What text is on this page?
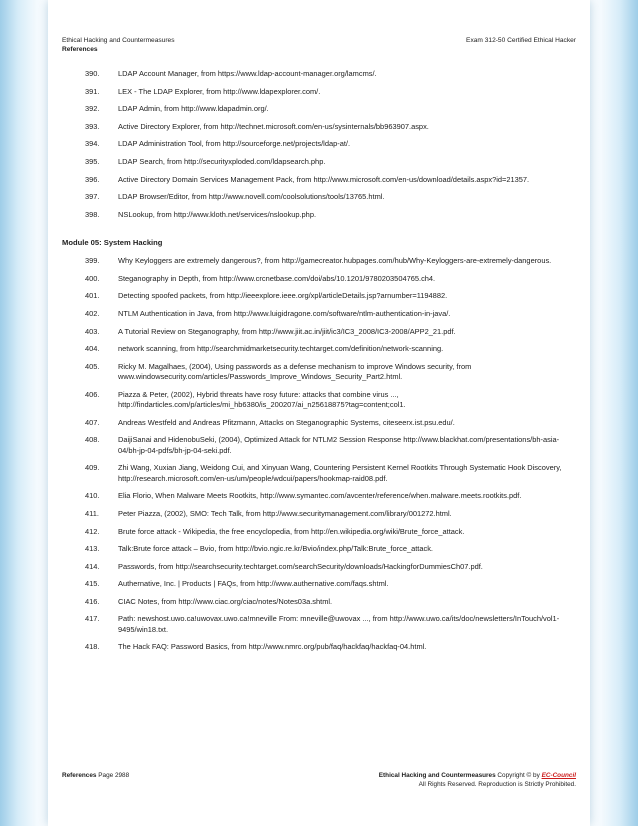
Ethical Hacking and Countermeasures
References
Exam 312-50 Certified Ethical Hacker
390. LDAP Account Manager, from https://www.ldap-account-manager.org/lamcms/.
391. LEX - The LDAP Explorer, from http://www.ldapexplorer.com/.
392. LDAP Admin, from http://www.ldapadmin.org/.
393. Active Directory Explorer, from http://technet.microsoft.com/en-us/sysinternals/bb963907.aspx.
394. LDAP Administration Tool, from http://sourceforge.net/projects/ldap-at/.
395. LDAP Search, from http://securityxploded.com/ldapsearch.php.
396. Active Directory Domain Services Management Pack, from http://www.microsoft.com/en-us/download/details.aspx?id=21357.
397. LDAP Browser/Editor, from http://www.novell.com/coolsolutions/tools/13765.html.
398. NSLookup, from http://www.kloth.net/services/nslookup.php.
Module 05: System Hacking
399. Why Keyloggers are extremely dangerous?, from http://gamecreator.hubpages.com/hub/Why-Keyloggers-are-extremely-dangerous.
400. Steganography in Depth, from http://www.crcnetbase.com/doi/abs/10.1201/9780203504765.ch4.
401. Detecting spoofed packets, from http://ieeexplore.ieee.org/xpl/articleDetails.jsp?arnumber=1194882.
402. NTLM Authentication in Java, from http://www.luigidragone.com/software/ntlm-authentication-in-java/.
403. A Tutorial Review on Steganography, from http://www.jiit.ac.in/jiit/ic3/IC3_2008/IC3-2008/APP2_21.pdf.
404. network scanning, from http://searchmidmarketsecurity.techtarget.com/definition/network-scanning.
405. Ricky M. Magalhaes, (2004), Using passwords as a defense mechanism to improve Windows security, from www.windowsecurity.com/articles/Passwords_Improve_Windows_Security_Part2.html.
406. Piazza & Peter, (2002), Hybrid threats have rosy future: attacks that combine virus ..., http://findarticles.com/p/articles/mi_hb6380/is_200207/ai_n25618875?tag=content;col1.
407. Andreas Westfeld and Andreas Pfitzmann, Attacks on Steganographic Systems, citeseerx.ist.psu.edu/.
408. DaijiSanai and HidenobuSeki, (2004), Optimized Attack for NTLM2 Session Response http://www.blackhat.com/presentations/bh-asia-04/bh-jp-04-pdfs/bh-jp-04-seki.pdf.
409. Zhi Wang, Xuxian Jiang, Weidong Cui, and Xinyuan Wang, Countering Persistent Kernel Rootkits Through Systematic Hook Discovery, http://research.microsoft.com/en-us/um/people/wdcui/papers/hookmap-raid08.pdf.
410. Elia Florio, When Malware Meets Rootkits, http://www.symantec.com/avcenter/reference/when.malware.meets.rootkits.pdf.
411.	Peter Piazza, (2002), SMO: Tech Talk, from http://www.securitymanagement.com/library/001272.html.
412. Brute force attack - Wikipedia, the free encyclopedia, from http://en.wikipedia.org/wiki/Brute_force_attack.
413. Talk:Brute force attack – Bvio, from http://bvio.ngic.re.kr/Bvio/index.php/Talk:Brute_force_attack.
414. Passwords, from http://searchsecurity.techtarget.com/searchSecurity/downloads/HackingforDummiesCh07.pdf.
415. Authernative, Inc. | Products | FAQs, from http://www.authernative.com/faqs.shtml.
416. CIAC Notes, from http://www.ciac.org/ciac/notes/Notes03a.shtml.
417. Path: newshost.uwo.ca!uwovax.uwo.ca!mneville From: mneville@uwovax ..., from http://www.uwo.ca/its/doc/newsletters/InTouch/vol1-9495/win18.txt.
418. The Hack FAQ: Password Basics, from http://www.nmrc.org/pub/faq/hackfaq/hackfaq-04.html.
References Page 2988	Ethical Hacking and Countermeasures Copyright © by EC-Council
All Rights Reserved. Reproduction is Strictly Prohibited.
